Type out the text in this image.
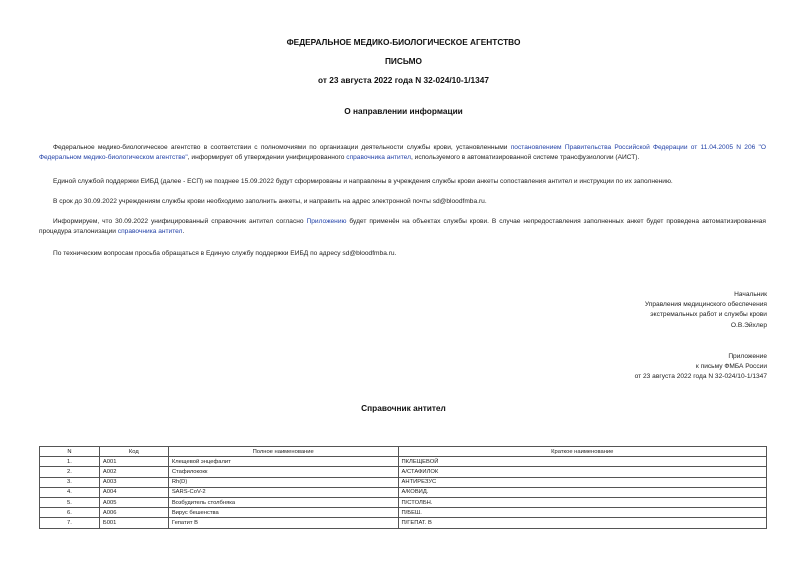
ФЕДЕРАЛЬНОЕ МЕДИКО-БИОЛОГИЧЕСКОЕ АГЕНТСТВО
ПИСЬМО
от 23 августа 2022 года N 32-024/10-1/1347
О направлении информации
Федеральное медико-биологическое агентство в соответствии с полномочиями по организации деятельности службы крови, установленными постановлением Правительства Российской Федерации от 11.04.2005 N 206 "О Федеральном медико-биологическом агентстве", информирует об утверждении унифицированного справочника антител, используемого в автоматизированной системе трансфузиологии (АИСТ).
Единой службой поддержки ЕИБД (далее - ЕСП) не позднее 15.09.2022 будут сформированы и направлены в учреждения службы крови анкеты сопоставления антител и инструкции по их заполнению.
В срок до 30.09.2022 учреждениям службы крови необходимо заполнить анкеты, и направить на адрес электронной почты sd@bloodfmba.ru.
Информируем, что 30.09.2022 унифицированный справочник антител согласно Приложению будет применён на объектах службы крови. В случае непредоставления заполненных анкет будет проведена автоматизированная процедура эталонизации справочника антител.
По техническим вопросам просьба обращаться в Единую службу поддержки ЕИБД по адресу sd@bloodfmba.ru.
Начальник
Управления медицинского обеспечения
экстремальных работ и службы крови
О.В.Эйхлер
Приложение
к письму ФМБА России
от 23 августа 2022 года N 32-024/10-1/1347
Справочник антител
N	Код	Полное наименование	Краткое наименование
1.	A001	Клещевой энцефалит	ПКЛЕЩЕВОЙ
2.	A002	Стафилококк	А/СТАФИЛОК
3.	A003	Rh(D)	АНТИРЕЗУС
4.	A004	SARS-CoV-2	А/КОВИД.
5.	A005	Возбудитель столбняка	П/СТОЛБН.
6.	A006	Вирус бешенства	П/БЕШ.
7.	Б001	Гепатит В	П/ГЕПАТ. В
